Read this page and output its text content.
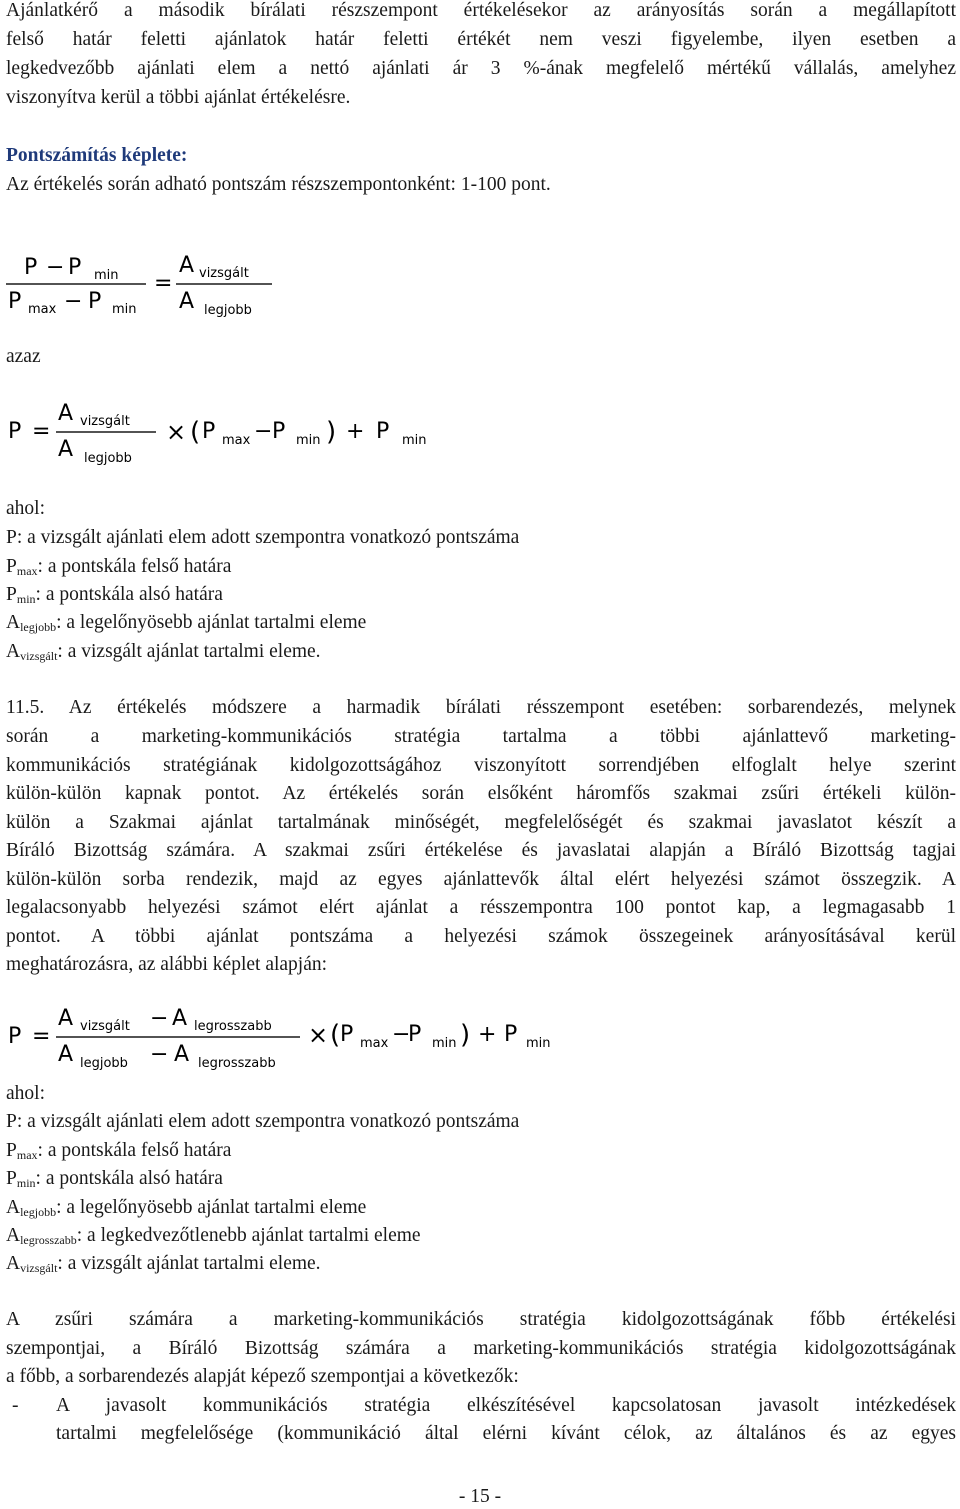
Ajánlatkérő a második bírálati részszempont értékelésekor az arányosítás során a megállapított
felső határ feletti ajánlatok határ feletti értékét nem veszi figyelembe, ilyen esetben a
legkedvezőbb ajánlati elem a nettó ajánlati ár 3 %-ának megfelelő mértékű vállalás, amelyhez
viszonyítva kerül a többi ajánlat értékelésre.
Pontszámítás képlete:
Az értékelés során adható pontszám részszempontonként: 1-100 pont.
P − P min
P max − P min
=
A vizsgált
A legjobb
azaz
P =
A vizsgált
A legjobb
× ( P max − P min ) + P min
ahol:
P: a vizsgált ajánlati elem adott szempontra vonatkozó pontszáma
$P_{max}$: a pontskála felső határa
$P_{min}$: a pontskála alsó határa
$A_{legjobb}$: a legelőnyösebb ajánlat tartalmi eleme
$A_{vizsgált}$: a vizsgált ajánlat tartalmi eleme.
11.5. Az értékelés módszere a harmadik bírálati résszempont esetében: sorbarendezés, melynek
során a marketing-kommunikációs stratégia tartalma a többi ajánlattevő marketing-
kommunikációs stratégiának kidolgozottságához viszonyított sorrendjében elfoglalt helye szerint
külön-külön kapnak pontot. Az értékelés során elsőként háromfős szakmai zsűri értékeli külön-
külön a Szakmai ajánlat tartalmának minőségét, megfelelőségét és szakmai javaslatot készít a
Bíráló Bizottság számára. A szakmai zsűri értékelése és javaslatai alapján a Bíráló Bizottság tagjai
külön-külön sorba rendezik, majd az egyes ajánlattevők által elért helyezési számot összegzik. A
legalacsonyabb helyezési számot elért ajánlat a résszempontra 100 pontot kap, a legmagasabb 1
pontot. A többi ajánlat pontszáma a helyezési számok összegeinek arányosításával kerül
meghatározásra, az alábbi képlet alapján:
P =
A vizsgált − A legrosszabb
A legjobb − A legrosszabb
× ( P max −
P min ) + P min
ahol:
P: a vizsgált ajánlati elem adott szempontra vonatkozó pontszáma
$P_{max}$: a pontskála felső határa
$P_{min}$: a pontskála alsó határa
$A_{legjobb}$: a legelőnyösebb ajánlat tartalmi eleme
$A_{legrosszabb}$: a legkedvezőtlenebb ajánlat tartalmi eleme
$A_{vizsgált}$: a vizsgált ajánlat tartalmi eleme.
A zsűri számára a marketing-kommunikációs stratégia kidolgozottságának főbb értékelési
szempontjai, a Bíráló Bizottság számára a marketing-kommunikációs stratégia kidolgozottságának
a főbb, a sorbarendezés alapját képező szempontjai a következők:
- A javasolt kommunikációs stratégia elkészítésével kapcsolatosan javasolt intézkedések
tartalmi megfelelősége (kommunikáció által elérni kívánt célok, az általános és az egyes
- 15 -
